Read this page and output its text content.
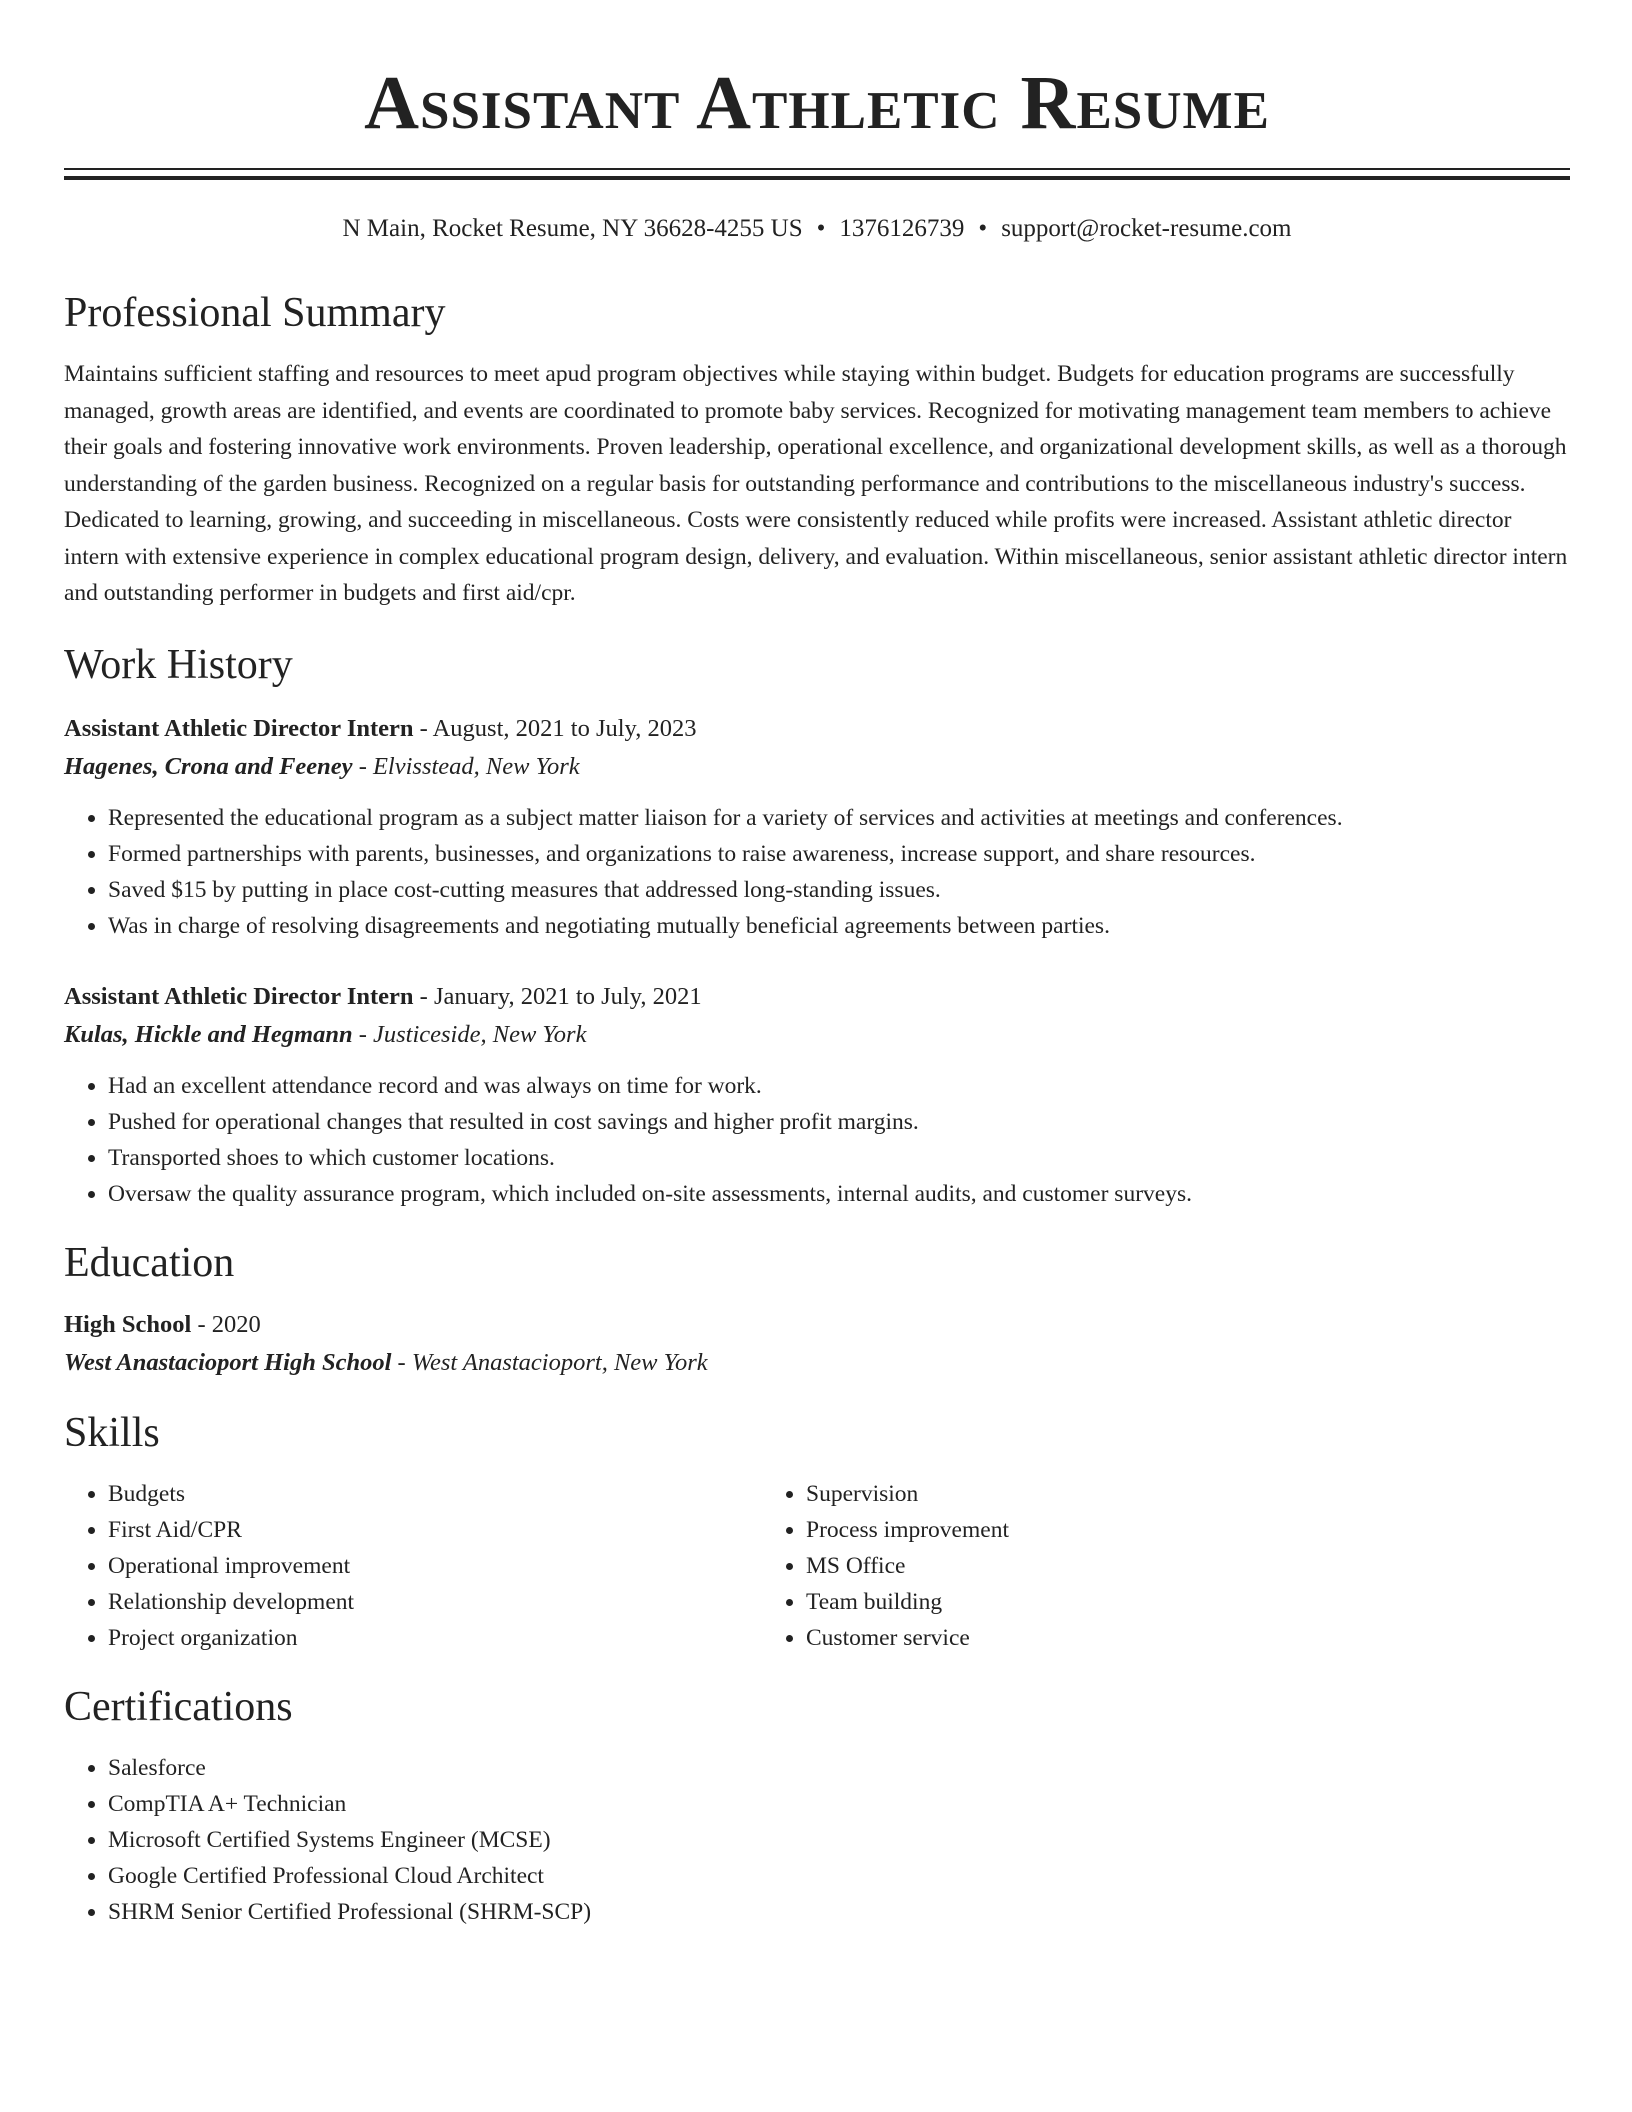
Assistant Athletic Resume
N Main, Rocket Resume, NY 36628-4255 US • 1376126739 • support@rocket-resume.com
Professional Summary
Maintains sufficient staffing and resources to meet apud program objectives while staying within budget. Budgets for education programs are successfully managed, growth areas are identified, and events are coordinated to promote baby services. Recognized for motivating management team members to achieve their goals and fostering innovative work environments. Proven leadership, operational excellence, and organizational development skills, as well as a thorough understanding of the garden business. Recognized on a regular basis for outstanding performance and contributions to the miscellaneous industry's success. Dedicated to learning, growing, and succeeding in miscellaneous. Costs were consistently reduced while profits were increased. Assistant athletic director intern with extensive experience in complex educational program design, delivery, and evaluation. Within miscellaneous, senior assistant athletic director intern and outstanding performer in budgets and first aid/cpr.
Work History
Assistant Athletic Director Intern - August, 2021 to July, 2023
Hagenes, Crona and Feeney - Elvisstead, New York
• Represented the educational program as a subject matter liaison for a variety of services and activities at meetings and conferences.
• Formed partnerships with parents, businesses, and organizations to raise awareness, increase support, and share resources.
• Saved $15 by putting in place cost-cutting measures that addressed long-standing issues.
• Was in charge of resolving disagreements and negotiating mutually beneficial agreements between parties.
Assistant Athletic Director Intern - January, 2021 to July, 2021
Kulas, Hickle and Hegmann - Justiceside, New York
• Had an excellent attendance record and was always on time for work.
• Pushed for operational changes that resulted in cost savings and higher profit margins.
• Transported shoes to which customer locations.
• Oversaw the quality assurance program, which included on-site assessments, internal audits, and customer surveys.
Education
High School - 2020
West Anastacioport High School - West Anastacioport, New York
Skills
• Budgets
• First Aid/CPR
• Operational improvement
• Relationship development
• Project organization
• Supervision
• Process improvement
• MS Office
• Team building
• Customer service
Certifications
• Salesforce
• CompTIA A+ Technician
• Microsoft Certified Systems Engineer (MCSE)
• Google Certified Professional Cloud Architect
• SHRM Senior Certified Professional (SHRM-SCP)
